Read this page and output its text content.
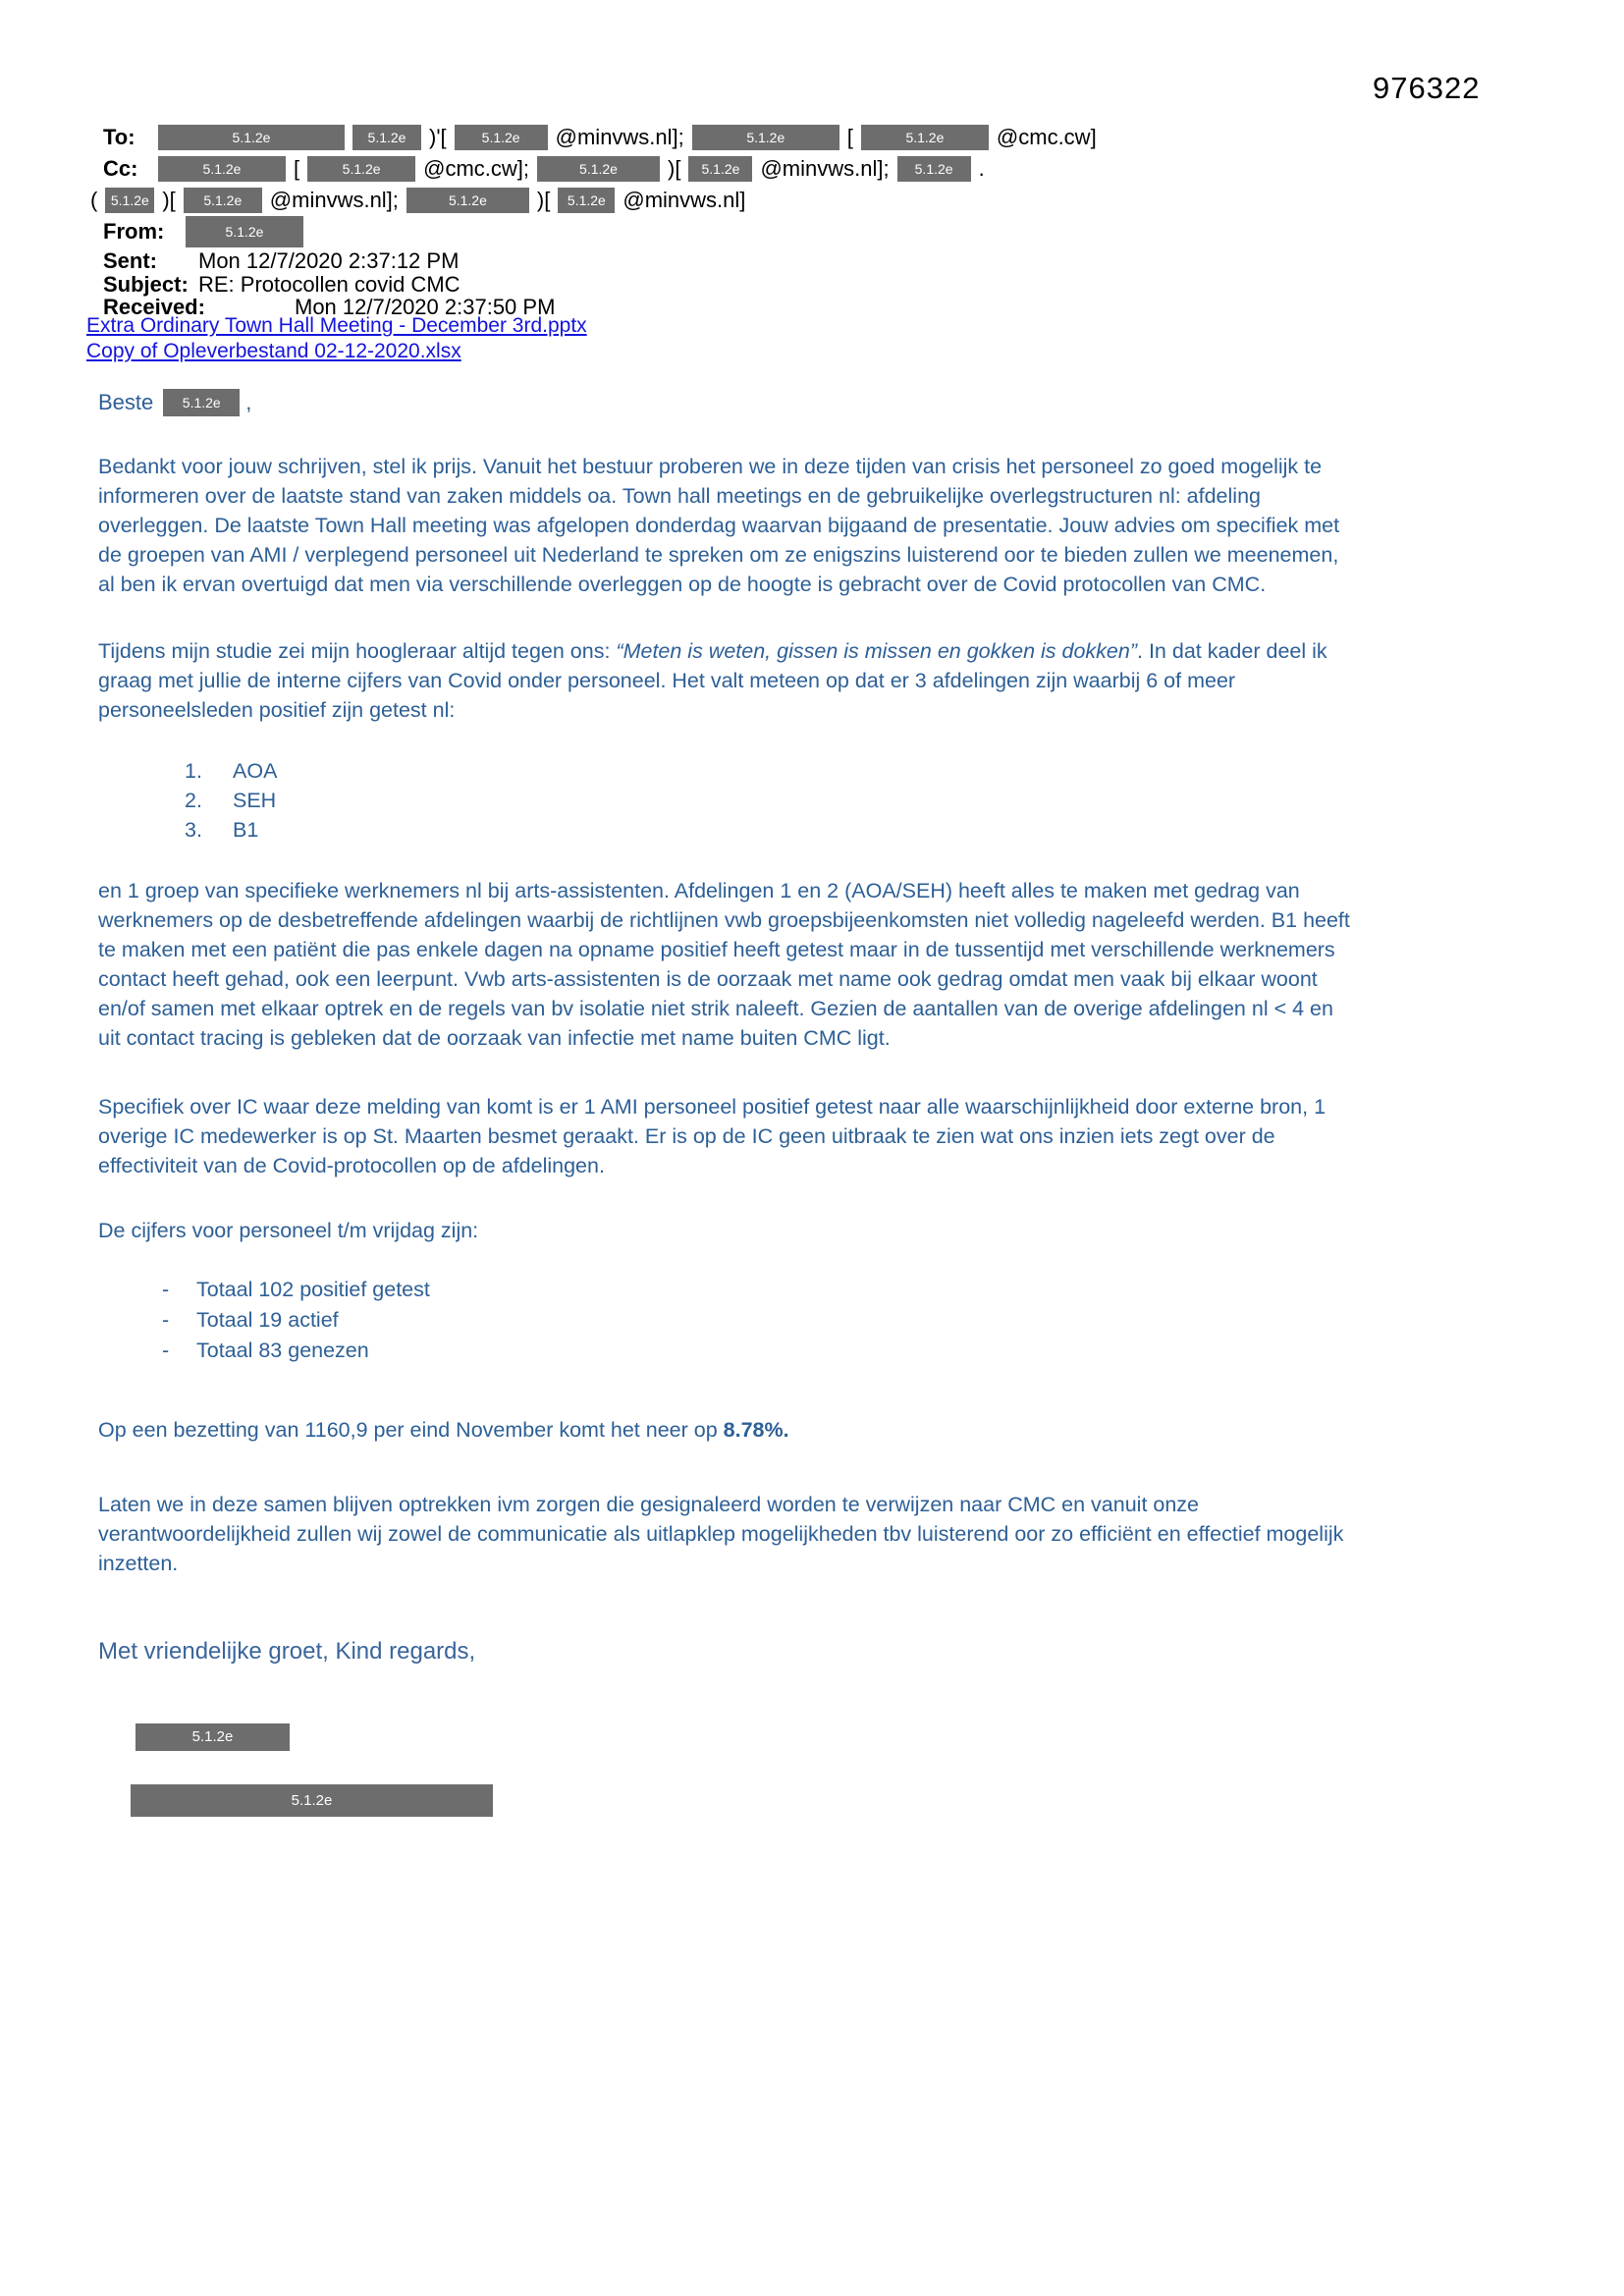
976322
To:	5.1.2e	5.1.2e	)'[	5.1.2e	@minvws.nl];	5.1.2e	[	5.1.2e	@cmc.cw]
Cc:	5.1.2e	[	5.1.2e	@cmc.cw];	5.1.2e	)[	5.1.2e @minvws.nl];	5.1.2e	.
( 5.1.2e )[	5.1.2e	@minvws.nl];	5.1.2e	)[	5.1.2e @minvws.nl]
From:	5.1.2e
Sent:	Mon 12/7/2020 2:37:12 PM
Subject: RE: Protocollen covid CMC
Received:	Mon 12/7/2020 2:37:50 PM
Extra Ordinary Town Hall Meeting - December 3rd.pptx
Copy of Opleverbestand 02-12-2020.xlsx
Beste	5.1.2e	,

Bedankt voor jouw schrijven, stel ik prijs. Vanuit het bestuur proberen we in deze tijden van crisis het personeel zo goed mogelijk te informeren over de laatste stand van zaken middels oa. Town hall meetings en de gebruikelijke overlegstructuren nl: afdeling overleggen. De laatste Town Hall meeting was afgelopen donderdag waarvan bijgaand de presentatie. Jouw advies om specifiek met de groepen van AMI / verplegend personeel uit Nederland te spreken om ze enigszins luisterend oor te bieden zullen we meenemen, al ben ik ervan overtuigd dat men via verschillende overleggen op de hoogte is gebracht over de Covid protocollen van CMC.

Tijdens mijn studie zei mijn hoogleraar altijd tegen ons: “Meten is weten, gissen is missen en gokken is dokken”. In dat kader deel ik graag met jullie de interne cijfers van Covid onder personeel. Het valt meteen op dat er 3 afdelingen zijn waarbij 6 of meer personeelsleden positief zijn getest nl:

1.	AOA
2.	SEH
3.	B1

en 1 groep van specifieke werknemers nl bij arts-assistenten. Afdelingen 1 en 2 (AOA/SEH) heeft alles te maken met gedrag van werknemers op de desbetreffende afdelingen waarbij de richtlijnen vwb groepsbijeenkomsten niet volledig nageleefd werden. B1 heeft te maken met een patiënt die pas enkele dagen na opname positief heeft getest maar in de tussentijd met verschillende werknemers contact heeft gehad, ook een leerpunt. Vwb arts-assistenten is de oorzaak met name ook gedrag omdat men vaak bij elkaar woont en/of samen met elkaar optrek en de regels van bv isolatie niet strik naleeft. Gezien de aantallen van de overige afdelingen nl < 4 en uit contact tracing is gebleken dat de oorzaak van infectie met name buiten CMC ligt.

Specifiek over IC waar deze melding van komt is er 1 AMI personeel positief getest naar alle waarschijnlijkheid door externe bron, 1 overige IC medewerker is op St. Maarten besmet geraakt. Er is op de IC geen uitbraak te zien wat ons inzien iets zegt over de effectiviteit van de Covid-protocollen op de afdelingen.

De cijfers voor personeel t/m vrijdag zijn:

-	Totaal 102 positief getest
-	Totaal 19 actief
-	Totaal 83 genezen

Op een bezetting van 1160,9 per eind November komt het neer op 8.78%.

Laten we in deze samen blijven optrekken ivm zorgen die gesignaleerd worden te verwijzen naar CMC en vanuit onze verantwoordelijkheid zullen wij zowel de communicatie als uitlapklep mogelijkheden tbv luisterend oor zo efficiënt en effectief mogelijk inzetten.

Met vriendelijke groet, Kind regards,
5.1.2e
5.1.2e
